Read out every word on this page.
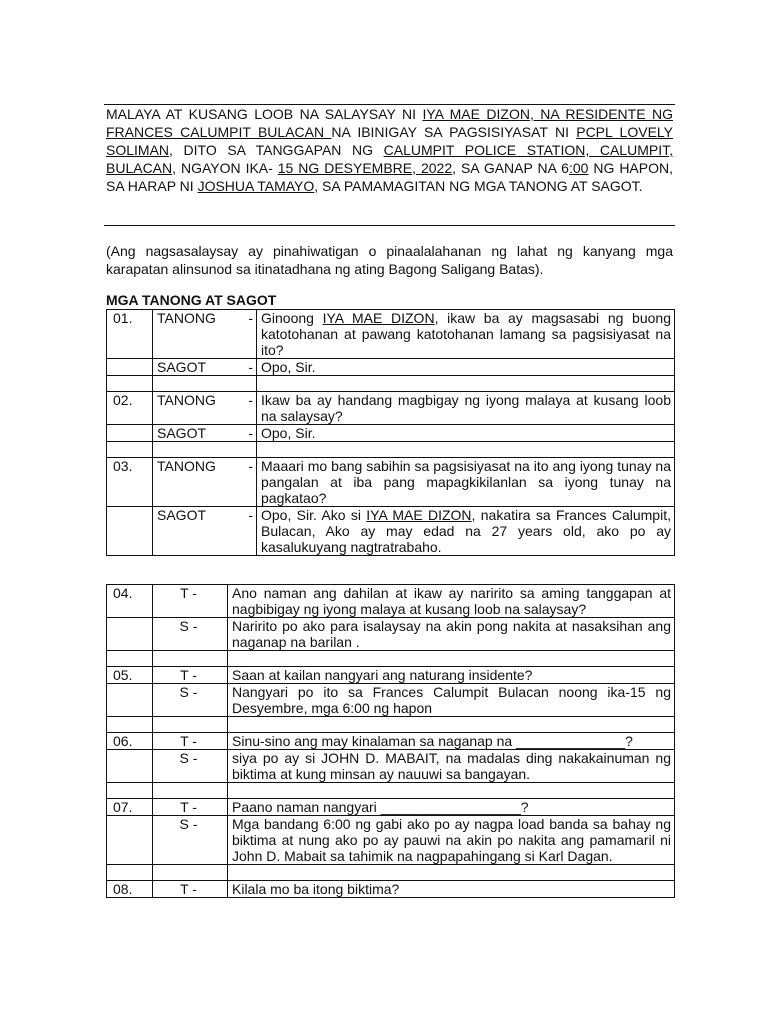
MALAYA AT KUSANG LOOB NA SALAYSAY NI IYA MAE DIZON, NA RESIDENTE NG FRANCES CALUMPIT BULACAN NA IBINIGAY SA PAGSISIYASAT NI PCPL LOVELY SOLIMAN, DITO SA TANGGAPAN NG CALUMPIT POLICE STATION, CALUMPIT, BULACAN, NGAYON IKA- 15 NG DESYEMBRE, 2022, SA GANAP NA 6:00 NG HAPON, SA HARAP NI JOSHUA TAMAYO, SA PAMAMAGITAN NG MGA TANONG AT SAGOT.
(Ang nagsasalaysay ay pinahiwatigan o pinaalalahanan ng lahat ng kanyang mga karapatan alinsunod sa itinatadhana ng ating Bagong Saligang Batas).
MGA TANONG AT SAGOT
01.	TANONG -	Ginoong IYA MAE DIZON, ikaw ba ay magsasabi ng buong katotohanan at pawang katotohanan lamang sa pagsisiyasat na ito?

	SAGOT -	Opo, Sir.

02.	TANONG -	Ikaw ba ay handang magbigay ng iyong malaya at kusang loob na salaysay?

	SAGOT -	Opo, Sir.

03.	TANONG -	Maaari mo bang sabihin sa pagsisiyasat na ito ang iyong tunay na pangalan at iba pang mapagkikilanlan sa iyong tunay na pagkatao?

	SAGOT -	Opo, Sir. Ako si IYA MAE DIZON, nakatira sa Frances Calumpit, Bulacan, Ako ay may edad na 27 years old, ako po ay kasalukuyang nagtratrabaho.
04.	T -	Ano naman ang dahilan at ikaw ay naririto sa aming tanggapan at nagbibigay ng iyong malaya at kusang loob na salaysay?
	S -	Naririto po ako para isalaysay na akin pong nakita at nasaksihan ang naganap na barilan .

05.	T -	Saan at kailan nangyari ang naturang insidente?
	S -	Nangyari po ito sa Frances Calumpit Bulacan noong ika-15 ng Desyembre, mga 6:00 ng hapon

06.	T -	Sinu-sino ang may kinalaman sa naganap na ______________?
	S -	siya po ay si JOHN D. MABAIT, na madalas ding nakakainuman ng biktima at kung minsan ay nauuwi sa bangayan.

07.	T -	Paano naman nangyari __________________?
	S -	Mga bandang 6:00 ng gabi ako po ay nagpa load banda sa bahay ng biktima at nung ako po ay pauwi na akin po nakita ang pamamaril ni John D. Mabait sa tahimik na nagpapahingang si Karl Dagan.

08.	T -	Kilala mo ba itong biktima?
